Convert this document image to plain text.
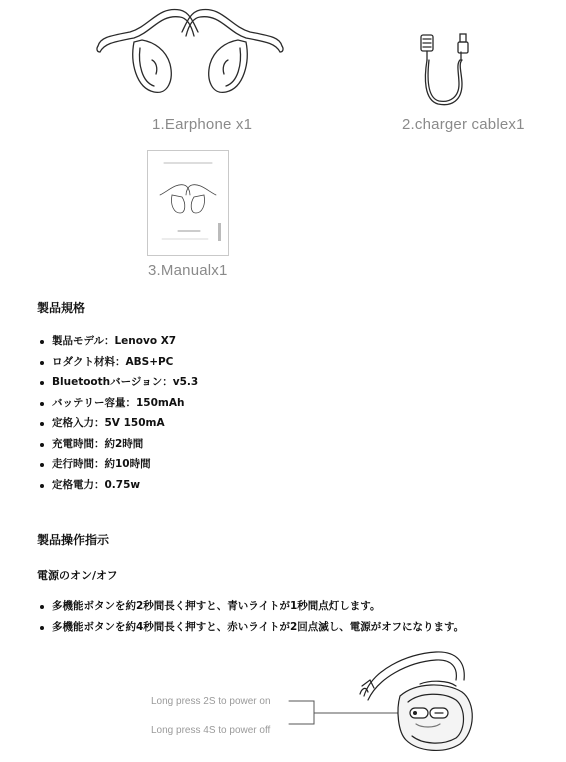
1.Earphone x1	2.charger cablex1
3.Manualx1
製品規格
製品モデル：Lenovo X7
ロダクト材料：ABS+PC
Bluetoothバージョン：v5.3
バッテリー容量：150mAh
定格入力：5V 150mA
充電時間：約2時間
走行時間：約10時間
定格電力：0.75w
製品操作指示
電源のオン/オフ
多機能ボタンを約2秒間長く押すと、青いライトが1秒間点灯します。
多機能ボタンを約4秒間長く押すと、赤いライトが2回点滅し、電源がオフになります。
Long press 2S to power on
Long press 4S to power off
